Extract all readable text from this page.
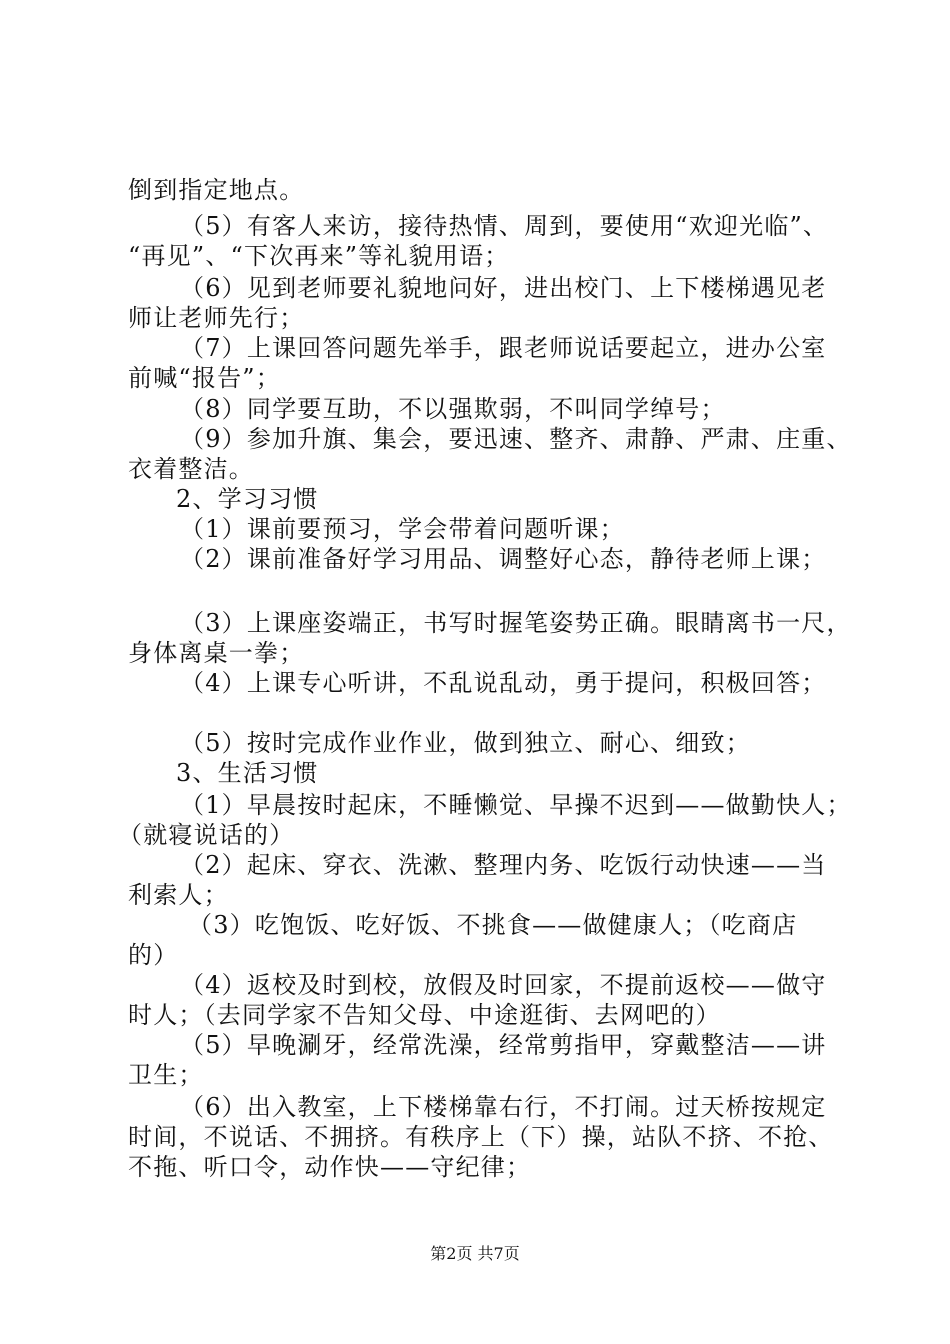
倒到指定地点。
（5）有客人来访，接待热情、周到，要使用“欢迎光临”、
“再见”、“下次再来”等礼貌用语；
（6）见到老师要礼貌地问好，进出校门、上下楼梯遇见老
师让老师先行；
（7）上课回答问题先举手，跟老师说话要起立，进办公室
前喊“报告”；
（8）同学要互助，不以强欺弱，不叫同学绰号；
（9）参加升旗、集会，要迅速、整齐、肃静、严肃、庄重、
衣着整洁。
2、学习习惯
（1）课前要预习，学会带着问题听课；
（2）课前准备好学习用品、调整好心态，静待老师上课；
（3）上课座姿端正，书写时握笔姿势正确。眼睛离书一尺，
身体离桌一拳；
（4）上课专心听讲，不乱说乱动，勇于提问，积极回答；
（5）按时完成作业作业，做到独立、耐心、细致；
3、生活习惯
（1）早晨按时起床，不睡懒觉、早操不迟到——做勤快人；
（就寝说话的）
（2）起床、穿衣、洗漱、整理内务、吃饭行动快速——当
利索人；
（3）吃饱饭、吃好饭、不挑食——做健康人；（吃商店
的）
（4）返校及时到校，放假及时回家，不提前返校——做守
时人；（去同学家不告知父母、中途逛街、去网吧的）
（5）早晚涮牙，经常洗澡，经常剪指甲，穿戴整洁——讲
卫生；
（6）出入教室，上下楼梯靠右行，不打闹。过天桥按规定
时间，不说话、不拥挤。有秩序上（下）操，站队不挤、不抢、
不拖、听口令，动作快——守纪律；
第2页 共7页
